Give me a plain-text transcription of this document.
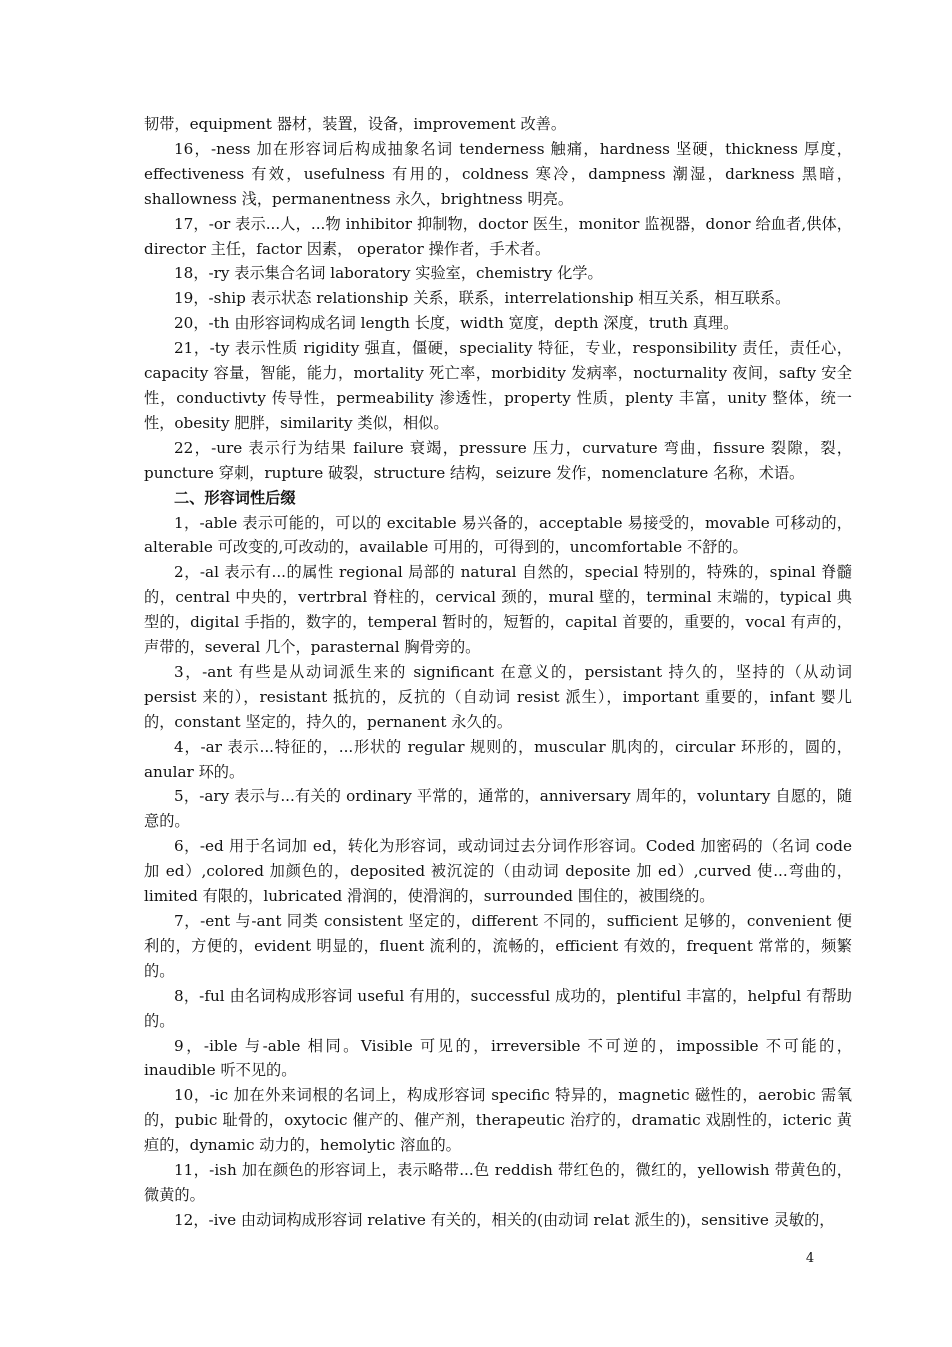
韧带，equipment 器材，装置，设备，improvement 改善。

16，-ness 加在形容词后构成抽象名词 tenderness 触痛，hardness 坚硬，thickness 厚度，effectiveness 有效，usefulness 有用的，coldness 寒冷，dampness 潮湿，darkness 黑暗，shallowness 浅，permanentness 永久，brightness 明亮。

17，-or 表示...人，...物 inhibitor 抑制物，doctor 医生，monitor 监视器，donor 给血者,供体，director 主任，factor 因素， operator 操作者，手术者。

18，-ry 表示集合名词 laboratory 实验室，chemistry 化学。

19，-ship 表示状态 relationship 关系，联系，interrelationship 相互关系，相互联系。

20，-th 由形容词构成名词 length 长度，width 宽度，depth 深度，truth 真理。

21，-ty 表示性质 rigidity 强直，僵硬，speciality 特征，专业，responsibility 责任，责任心，capacity 容量，智能，能力，mortality 死亡率，morbidity 发病率，nocturnality 夜间，safty 安全性，conductivty 传导性，permeability 渗透性，property 性质，plenty 丰富，unity 整体，统一性，obesity 肥胖，similarity 类似，相似。

22，-ure 表示行为结果 failure 衰竭，pressure 压力，curvature 弯曲，fissure 裂隙，裂，puncture 穿刺，rupture 破裂，structure 结构，seizure 发作，nomenclature 名称，术语。

二、形容词性后缀

1，-able 表示可能的，可以的 excitable 易兴备的，acceptable 易接受的，movable 可移动的，alterable 可改变的,可改动的，available 可用的，可得到的，uncomfortable 不舒的。

2，-al 表示有...的属性 regional 局部的 natural 自然的，special 特别的，特殊的，spinal 脊髓的，central 中央的，vertrbral 脊柱的，cervical 颈的，mural 壁的，terminal 末端的，typical 典型的，digital 手指的，数字的，temperal 暂时的，短暂的，capital 首要的，重要的，vocal 有声的，声带的，several 几个，parasternal 胸骨旁的。

3，-ant 有些是从动词派生来的 significant 在意义的，persistant 持久的，坚持的（从动词 persist 来的），resistant 抵抗的，反抗的（自动词 resist 派生），important 重要的，infant 婴儿的，constant 坚定的，持久的，pernanent 永久的。

4，-ar 表示...特征的，...形状的 regular 规则的，muscular 肌肉的，circular 环形的，圆的，anular 环的。

5，-ary 表示与...有关的 ordinary 平常的，通常的，anniversary 周年的，voluntary 自愿的，随意的。

6，-ed 用于名词加 ed，转化为形容词，或动词过去分词作形容词。Coded 加密码的（名词 code 加 ed）,colored 加颜色的，deposited 被沉淀的（由动词 deposite 加 ed）,curved 使...弯曲的，limited 有限的，lubricated 滑润的，使滑润的，surrounded 围住的，被围绕的。

7，-ent 与-ant 同类 consistent 坚定的，different 不同的，sufficient 足够的，convenient 便利的，方便的，evident 明显的，fluent 流利的，流畅的，efficient 有效的，frequent 常常的，频繁的。

8，-ful 由名词构成形容词 useful 有用的，successful 成功的，plentiful 丰富的，helpful 有帮助的。

9，-ible 与-able 相同。Visible 可见的，irreversible 不可逆的，impossible 不可能的，inaudible 听不见的。

10，-ic 加在外来词根的名词上，构成形容词 specific 特异的，magnetic 磁性的，aerobic 需氧的，pubic 耻骨的，oxytocic 催产的、催产剂，therapeutic 治疗的，dramatic 戏剧性的，icteric 黄疸的，dynamic 动力的，hemolytic 溶血的。

11，-ish 加在颜色的形容词上，表示略带...色 reddish 带红色的，微红的，yellowish 带黄色的，微黄的。

12，-ive 由动词构成形容词 relative 有关的，相关的(由动词 relat 派生的)，sensitive 灵敏的，

4
